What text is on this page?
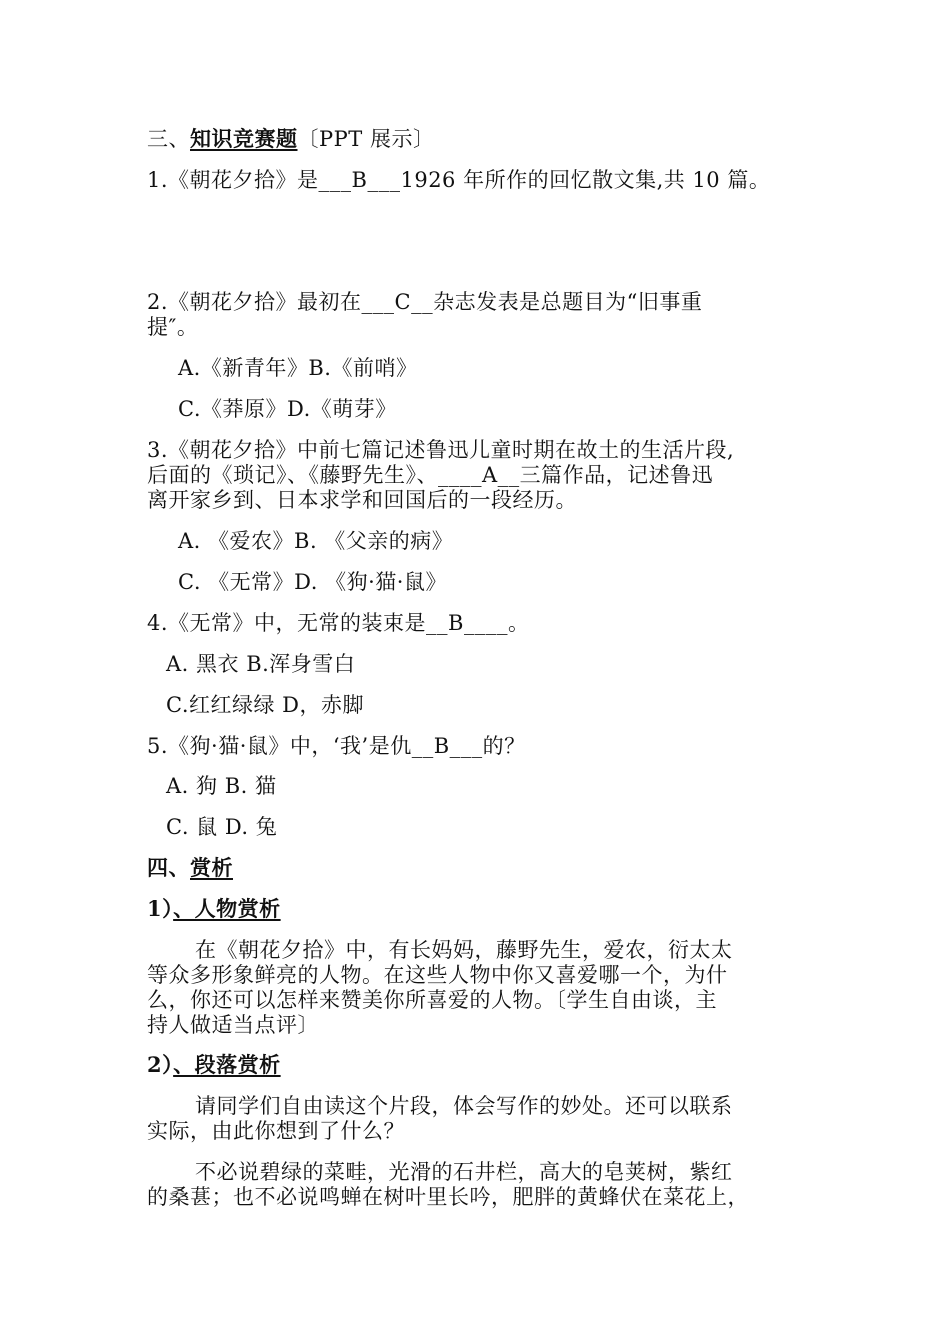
三、知识竞赛题〔PPT 展示〕
1.《朝花夕拾》是___B___1926 年所作的回忆散文集,共 10 篇。
2.《朝花夕拾》最初在___C__杂志发表是总题目为“旧事重
提″。
A.《新青年》B.《前哨》
C.《莽原》D.《萌芽》
3.《朝花夕拾》中前七篇记述鲁迅儿童时期在故土的生活片段,
后面的《琐记》、《藤野先生》、____A__三篇作品，记述鲁迅
离开家乡到、日本求学和回国后的一段经历。
A. 《爱农》B. 《父亲的病》
C. 《无常》D. 《狗·猫·鼠》
4.《无常》中，无常的装束是__B____。
A. 黑衣 B.浑身雪白
C.红红绿绿 D，赤脚
5.《狗·猫·鼠》中，‘我’是仇__B___的？
A. 狗 B. 猫
C. 鼠 D. 兔
四、赏析
1）、人物赏析
在《朝花夕拾》中，有长妈妈，藤野先生，爱农，衍太太
等众多形象鲜亮的人物。在这些人物中你又喜爱哪一个，为什
么，你还可以怎样来赞美你所喜爱的人物。〔学生自由谈，主
持人做适当点评〕
2）、段落赏析
请同学们自由读这个片段，体会写作的妙处。还可以联系
实际，由此你想到了什么？
不必说碧绿的菜畦，光滑的石井栏，高大的皂荚树，紫红
的桑葚；也不必说鸣蝉在树叶里长吟，肥胖的黄蜂伏在菜花上，
